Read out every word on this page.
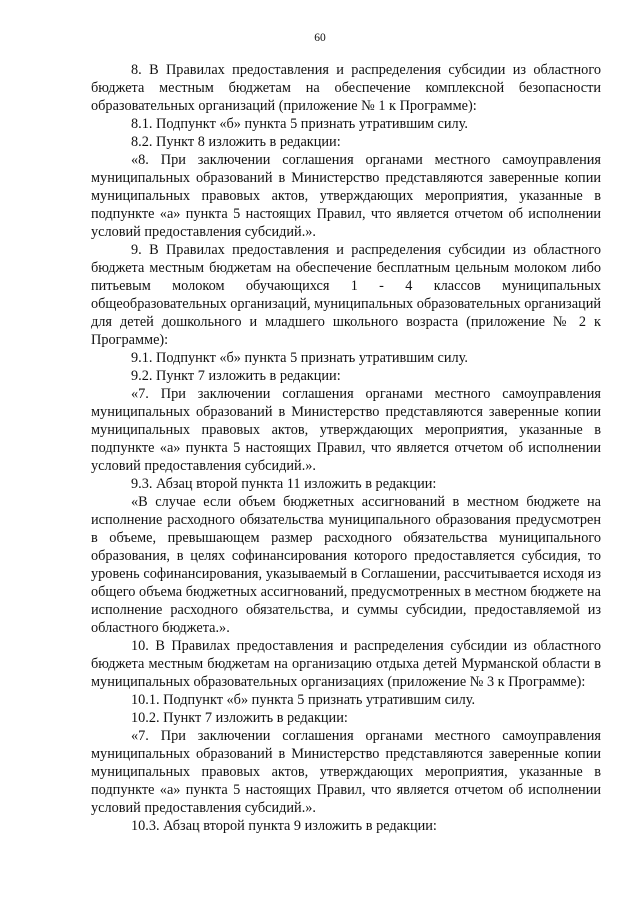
60

8. В Правилах предоставления и распределения субсидии из областного бюджета местным бюджетам на обеспечение комплексной безопасности образовательных организаций (приложение № 1 к Программе):

8.1. Подпункт «б» пункта 5 признать утратившим силу.

8.2. Пункт 8 изложить в редакции:

«8. При заключении соглашения органами местного самоуправления муниципальных образований в Министерство представляются заверенные копии муниципальных правовых актов, утверждающих мероприятия, указанные в подпункте «а» пункта 5 настоящих Правил, что является отчетом об исполнении условий предоставления субсидий.».

9. В Правилах предоставления и распределения субсидии из областного бюджета местным бюджетам на обеспечение бесплатным цельным молоком либо питьевым молоком обучающихся 1 - 4 классов муниципальных общеобразовательных организаций, муниципальных образовательных организаций для детей дошкольного и младшего школьного возраста (приложение № 2 к Программе):

9.1. Подпункт «б» пункта 5 признать утратившим силу.

9.2. Пункт 7 изложить в редакции:

«7. При заключении соглашения органами местного самоуправления муниципальных образований в Министерство представляются заверенные копии муниципальных правовых актов, утверждающих мероприятия, указанные в подпункте «а» пункта 5 настоящих Правил, что является отчетом об исполнении условий предоставления субсидий.».

9.3. Абзац второй пункта 11 изложить в редакции:

«В случае если объем бюджетных ассигнований в местном бюджете на исполнение расходного обязательства муниципального образования предусмотрен в объеме, превышающем размер расходного обязательства муниципального образования, в целях софинансирования которого предоставляется субсидия, то уровень софинансирования, указываемый в Соглашении, рассчитывается исходя из общего объема бюджетных ассигнований, предусмотренных в местном бюджете на исполнение расходного обязательства, и суммы субсидии, предоставляемой из областного бюджета.».

10. В Правилах предоставления и распределения субсидии из областного бюджета местным бюджетам на организацию отдыха детей Мурманской области в муниципальных образовательных организациях (приложение № 3 к Программе):

10.1. Подпункт «б» пункта 5 признать утратившим силу.

10.2. Пункт 7 изложить в редакции:

«7. При заключении соглашения органами местного самоуправления муниципальных образований в Министерство представляются заверенные копии муниципальных правовых актов, утверждающих мероприятия, указанные в подпункте «а» пункта 5 настоящих Правил, что является отчетом об исполнении условий предоставления субсидий.».

10.3. Абзац второй пункта 9 изложить в редакции:
